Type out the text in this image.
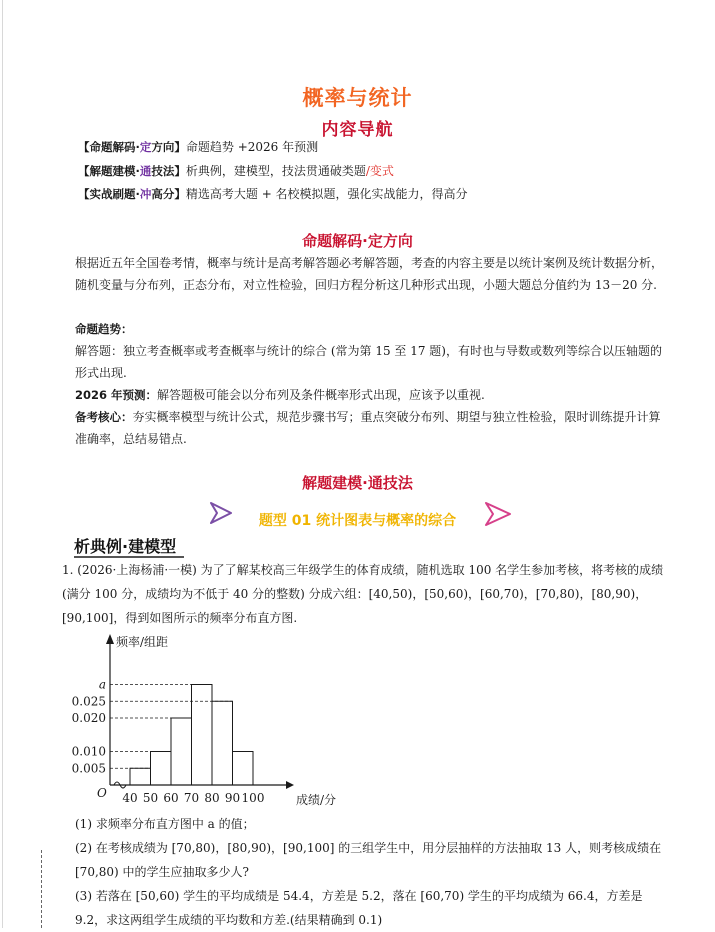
概率与统计
内容导航
【命题解码·定方向】命题趋势 +2026 年预测
【解题建模·通技法】析典例，建模型，技法贯通破类题/变式
【实战刷题·冲高分】精选高考大题 + 名校模拟题，强化实战能力，得高分
命题解码·定方向
根据近五年全国卷考情，概率与统计是高考解答题必考解答题，考查的内容主要是以统计案例及统计数据分析，随机变量与分布列，正态分布，对立性检验，回归方程分析这几种形式出现，小题大题总分值约为 13－20 分.
命题趋势：
解答题：独立考查概率或考查概率与统计的综合 (常为第 15 至 17 题)，有时也与导数或数列等综合以压轴题的形式出现.
2026 年预测：解答题极可能会以分布列及条件概率形式出现，应该予以重视.
备考核心：夯实概率模型与统计公式，规范步骤书写；重点突破分布列、期望与独立性检验，限时训练提升计算准确率，总结易错点.
解题建模·通技法
题型 01 统计图表与概率的综合
析典例·建模型
1. (2026·上海杨浦·一模) 为了了解某校高三年级学生的体育成绩，随机选取 100 名学生参加考核，将考核的成绩 (满分 100 分，成绩均为不低于 40 分的整数) 分成六组：[40,50)，[50,60)，[60,70)，[70,80)，[80,90)，[90,100]，得到如图所示的频率分布直方图.
0.005
0.010
0.020
0.025
a
40 50 60 70 80 90 100
O
频率/组距
成绩/分
(1) 求频率分布直方图中 a 的值；
(2) 在考核成绩为 [70,80)，[80,90)，[90,100] 的三组学生中，用分层抽样的方法抽取 13 人，则考核成绩在 [70,80) 中的学生应抽取多少人?
(3) 若落在 [50,60) 学生的平均成绩是 54.4，方差是 5.2，落在 [60,70) 学生的平均成绩为 66.4，方差是 9.2，求这两组学生成绩的平均数和方差.(结果精确到 0.1)
